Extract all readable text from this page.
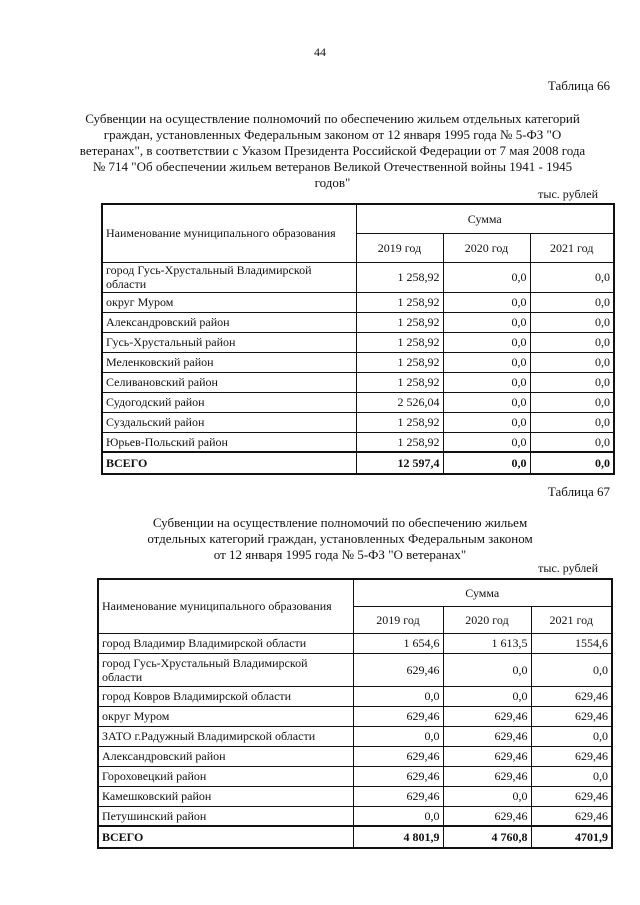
44
Таблица 66
Субвенции на осуществление полномочий по обеспечению жильем отдельных категорий
граждан, установленных Федеральным законом от 12 января 1995 года № 5-ФЗ "О
ветеранах", в соответствии с Указом Президента Российской Федерации от 7 мая 2008 года
№ 714 "Об обеспечении жильем ветеранов Великой Отечественной войны 1941 - 1945
годов"
тыс. рублей
Наименование муниципального образования	Сумма		
	2019 год	2020 год	2021 год
город Гусь-Хрустальный Владимирской области	1 258,92	0,0	0,0
округ Муром	1 258,92	0,0	0,0
Александровский район	1 258,92	0,0	0,0
Гусь-Хрустальный район	1 258,92	0,0	0,0
Меленковский район	1 258,92	0,0	0,0
Селивановский район	1 258,92	0,0	0,0
Судогодский район	2 526,04	0,0	0,0
Суздальский район	1 258,92	0,0	0,0
Юрьев-Польский район	1 258,92	0,0	0,0
ВСЕГО	12 597,4	0,0	0,0
Таблица 67
Субвенции на осуществление полномочий по обеспечению жильем
отдельных категорий граждан, установленных Федеральным законом
от 12 января 1995 года № 5-ФЗ "О ветеранах"
тыс. рублей
Наименование муниципального образования	Сумма		
	2019 год	2020 год	2021 год
город Владимир Владимирской области	1 654,6	1 613,5	1554,6
город Гусь-Хрустальный Владимирской области	629,46	0,0	0,0
город Ковров Владимирской области	0,0	0,0	629,46
округ Муром	629,46	629,46	629,46
ЗАТО г.Радужный Владимирской области	0,0	629,46	0,0
Александровский район	629,46	629,46	629,46
Гороховецкий район	629,46	629,46	0,0
Камешковский район	629,46	0,0	629,46
Петушинский район	0,0	629,46	629,46
ВСЕГО	4 801,9	4 760,8	4701,9
